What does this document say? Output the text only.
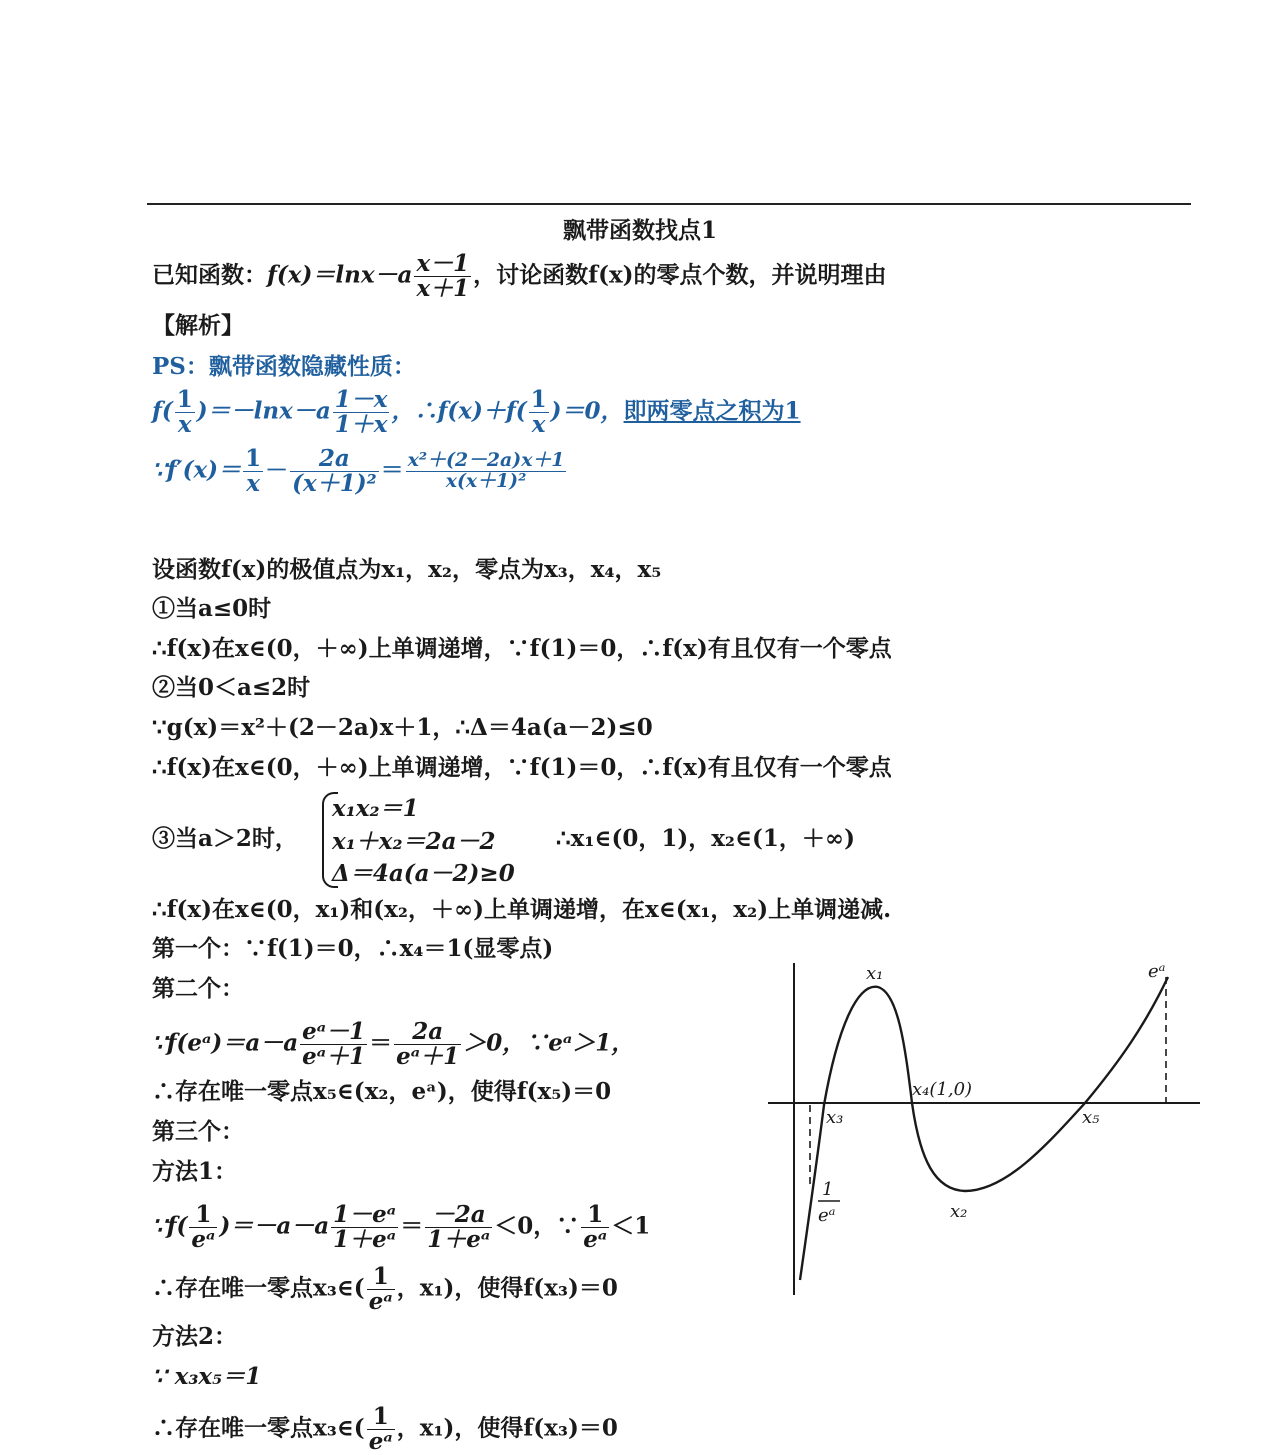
飘带函数找点1
已知函数：$f(x)=\ln x-a \frac{x-1}{x+1}$ ，讨论函数f(x)的零点个数，并说明理由
【解析】
PS：飘带函数隐藏性质：
$f( \frac{1}{x} )=-\ln x-a \frac{1-x}{1+x}$ ，∴f(x)＋f( $\frac{1}{x} )=0$，即两零点之积为1
∵f′(x)＝ $\frac{1}{x} - \frac{2a}{\text{(x＋1)²}} = \frac{\text{x²＋(2－2a)x＋1}}{\text{x(x＋1)²}}$
设函数f(x)的极值点为x₁，x₂，零点为x₃，x₄，x₅
①当a≤0时
∴f(x)在x∈(0，＋∞)上单调递增，∵f(1)＝0，∴f(x)有且仅有一个零点
②当0＜a≤2时
∵g(x)＝x²＋(2－2a)x＋1，∴Δ＝4a(a－2)≤0
∴f(x)在x∈(0，＋∞)上单调递增，∵f(1)＝0，∴f(x)有且仅有一个零点
③当a＞2时，
x₁x₂＝1
x₁＋x₂＝2a－2
Δ＝4a(a－2)≥0
∴x₁∈(0，1)，x₂∈(1，＋∞)
∴f(x)在x∈(0，x₁)和(x₂，＋∞)上单调递增，在x∈(x₁，x₂)上单调递减.
第一个：∵f(1)＝0，∴x₄＝1(显零点)
第二个：
∵f(eᵃ)＝a－a $\frac{\text{eᵃ－1}}{\text{eᵃ＋1}} = \frac{2a}{\text{eᵃ＋1}} >0$，∵eᵃ＞1，
∴存在唯一零点x₅∈(x₂，eᵃ)，使得f(x₅)＝0
第三个：
方法1：
∵f( $\frac{1}{\text{eᵃ}} )=-a-a \frac{\text{1－eᵃ}}{\text{1＋eᵃ}} = \frac{-2a}{\text{1＋eᵃ}} <0$，∵ $\frac{1}{\text{eᵃ}} <1$
∴存在唯一零点x₃∈( $\frac{1}{\text{eᵃ}}$ ，x₁)，使得f(x₃)＝0
方法2：
∵ x₃x₅＝1
∴存在唯一零点x₃∈( $\frac{1}{\text{eᵃ}}$ ，x₁)，使得f(x₃)＝0
x₁
x₂
x₃
x₄(1,0)
x₅
eᵃ
1
eᵃ
